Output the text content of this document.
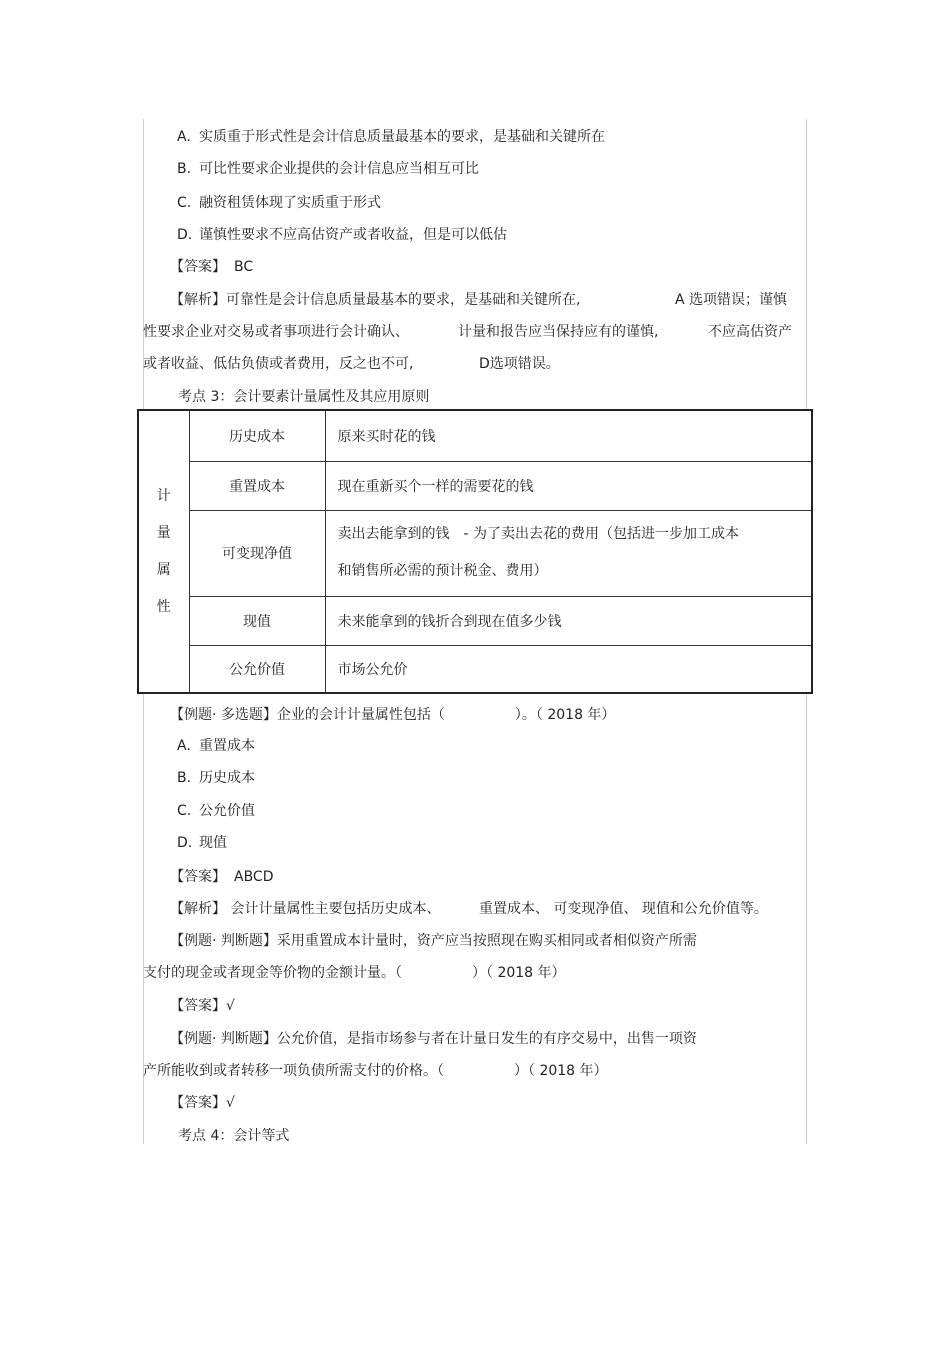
A. 实质重于形式性是会计信息质量最基本的要求，是基础和关键所在
B. 可比性要求企业提供的会计信息应当相互可比
C. 融资租赁体现了实质重于形式
D. 谨慎性要求不应高估资产或者收益，但是可以低估
【答案】 BC
【解析】可靠性是会计信息质量最基本的要求，是基础和关键所在,	A 选项错误；谨慎
性要求企业对交易或者事项进行会计确认、	计量和报告应当保持应有的谨慎,	不应高估资产
或者收益、低估负债或者费用，反之也不可,	D选项错误。
考点 3：会计要素计量属性及其应用原则
计
量
属
性	历史成本	原来买时花的钱
	重置成本	现在重新买个一样的需要花的钱
	可变现净值	卖出去能拿到的钱　- 为了卖出去花的费用（包括进一步加工成本
和销售所必需的预计税金、费用）

	现值	未来能拿到的钱折合到现在值多少钱
	公允价值	市场公允价
【例题· 多选题】企业的会计计量属性包括（　　　　　）。（ 2018 年）
A. 重置成本
B. 历史成本
C. 公允价值
D. 现值
【答案】 ABCD
【解析】 会计计量属性主要包括历史成本、	重置成本、 可变现净值、 现值和公允价值等。
【例题· 判断题】采用重置成本计量时，资产应当按照现在购买相同或者相似资产所需
支付的现金或者现金等价物的金额计量。（　　　　　）（ 2018 年）
【答案】√
【例题· 判断题】公允价值，是指市场参与者在计量日发生的有序交易中，出售一项资
产所能收到或者转移一项负债所需支付的价格。（　　　　　）（ 2018 年）
【答案】√
考点 4：会计等式
